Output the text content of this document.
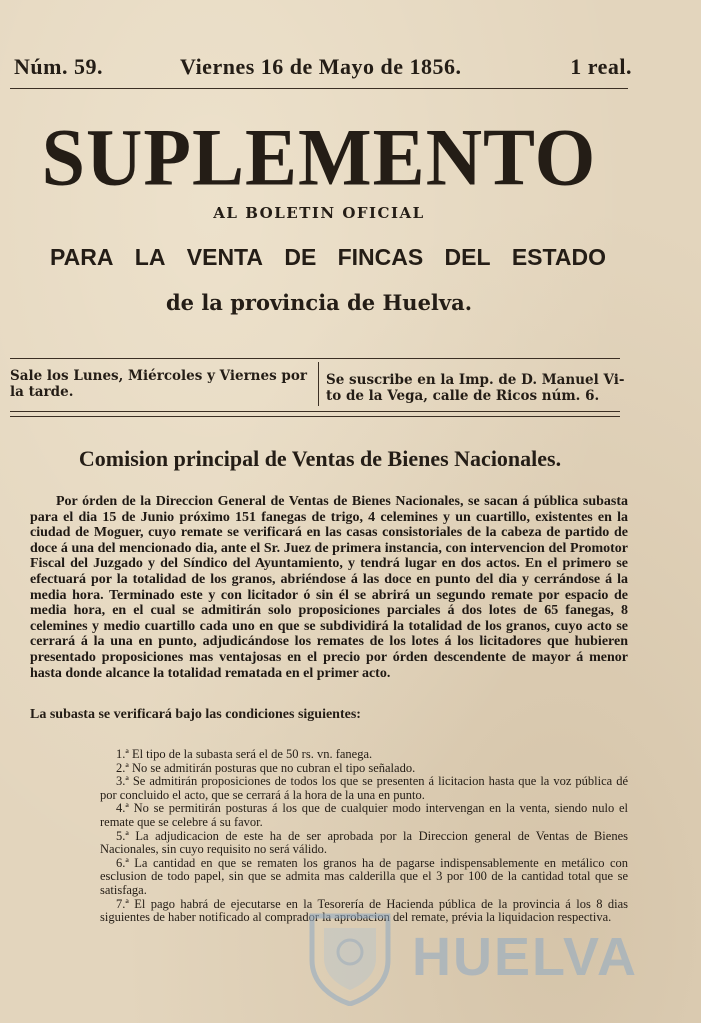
Núm. 59.	Viernes 16 de Mayo de 1856.	1 real.
SUPLEMENTO
AL BOLETIN OFICIAL
PARA LA VENTA DE FINCAS DEL ESTADO
de la provincia de Huelva.
Sale los Lunes, Miércoles y Viernes por la tarde.
Se suscribe en la Imp. de D. Manuel Vi- to de la Vega, calle de Ricos núm. 6.
Comision principal de Ventas de Bienes Nacionales.

Por órden de la Direccion General de Ventas de Bienes Nacionales, se sacan á pública subasta para el dia 15 de Junio próximo 151 fanegas de trigo, 4 celemines y un cuartillo, existentes en la ciudad de Moguer, cuyo remate se verificará en las casas consistoriales de la cabeza de partido de doce á una del mencionado dia, ante el Sr. Juez de primera instancia, con intervencion del Promotor Fiscal del Juzgado y del Síndico del Ayuntamiento, y tendrá lugar en dos actos. En el primero se efectuará por la totalidad de los granos, abriéndose á las doce en punto del dia y cerrándose á la media hora. Terminado este y con licitador ó sin él se abrirá un segundo remate por espacio de media hora, en el cual se admitirán solo proposiciones parciales á dos lotes de 65 fanegas, 8 celemines y medio cuartillo cada uno en que se subdividirá la totalidad de los granos, cuyo acto se cerrará á la una en punto, adjudicándose los remates de los lotes á los licitadores que hubieren presentado proposiciones mas ventajosas en el precio por órden descendente de mayor á menor hasta donde alcance la totalidad rematada en el primer acto.

La subasta se verificará bajo las condiciones siguientes:

1.ª El tipo de la subasta será el de 50 rs. vn. fanega.

2.ª No se admitirán posturas que no cubran el tipo señalado.

3.ª Se admitirán proposiciones de todos los que se presenten á licitacion hasta que la voz pública dé por concluido el acto, que se cerrará á la hora de la una en punto.

4.ª No se permitirán posturas á los que de cualquier modo intervengan en la venta, siendo nulo el remate que se celebre á su favor.

5.ª La adjudicacion de este ha de ser aprobada por la Direccion general de Ventas de Bienes Nacionales, sin cuyo requisito no será válido.

6.ª La cantidad en que se rematen los granos ha de pagarse indispensablemente en metálico con esclusion de todo papel, sin que se admita mas calderilla que el 3 por 100 de la cantidad total que se satisfaga.

7.ª El pago habrá de ejecutarse en la Tesorería de Hacienda pública de la provincia á los 8 dias siguientes de haber notificado al comprador la aprobacion del remate, prévia la liquidacion respectiva.

HUELVA
